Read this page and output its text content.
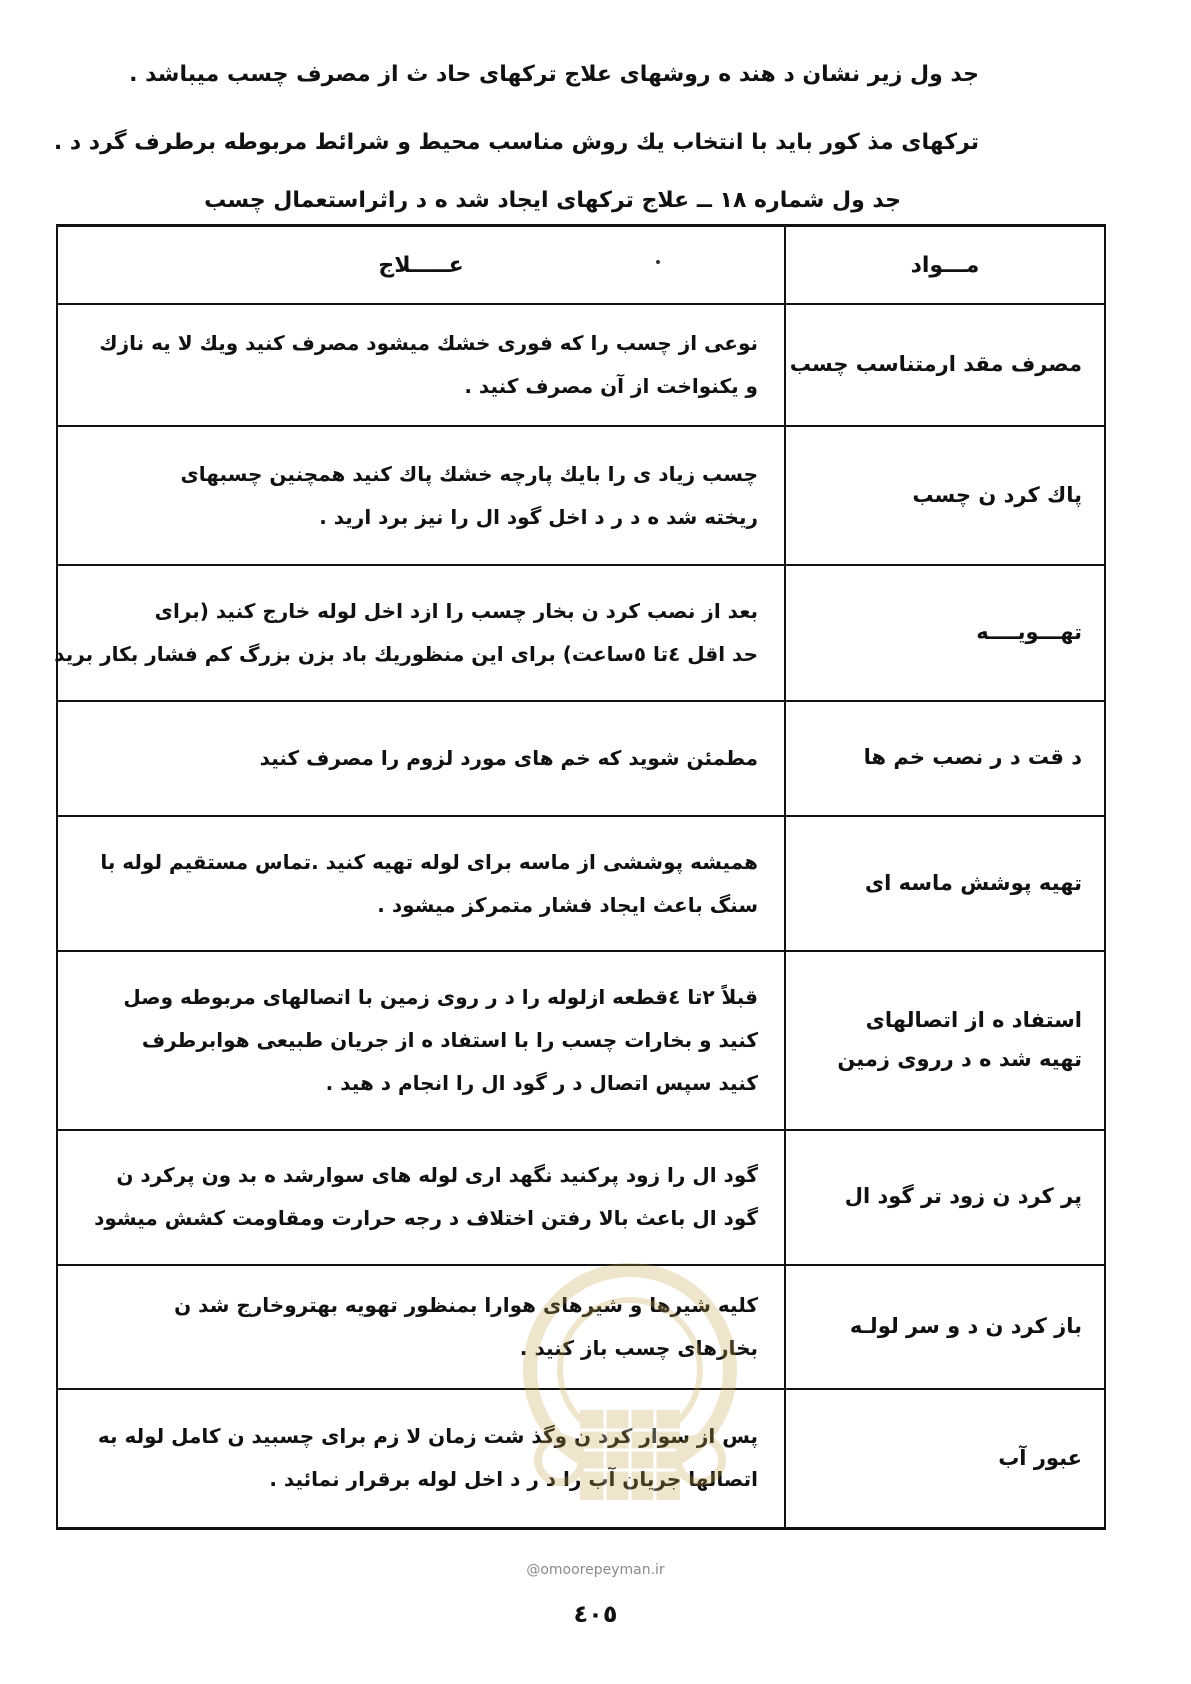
جد ول زیر نشان د هند ه روشهای علاج ترکهای حاد ث از مصرف چسب میباشد .
ترکهای مذ کور باید با انتخاب یك روش مناسب محیط و شرائط مربوطه برطرف گرد د .
جد ول شماره ۱۸ ــ علاج ترکهای ایجاد شد ه د راثراستعمال چسب
مـــواد	عـــــلاج

مصرف مقد ارمتناسب چسب	نوعی از چسب را که فوری خشك میشود مصرف کنید ویك لا یه نازك
و یکنواخت از آن مصرف کنید .

پاك کرد ن چسب	چسب زیاد ی را بایك پارچه خشك پاك کنید همچنین چسبهای
ریخته شد ه د ر د اخل گود ال را نیز برد ارید .

تهـــویــــه	بعد از نصب کرد ن بخار چسب را ازد اخل لوله خارج کنید (برای
حد اقل ٤تا ٥ساعت) برای این منظوریك باد بزن بزرگ کم فشار بکار برید

د قت د ر نصب خم ها	مطمئن شوید که خم های مورد لزوم را مصرف کنید

تهیه پوشش ماسه ای	همیشه پوششی از ماسه برای لوله تهیه کنید .تماس مستقیم لوله با
سنگ باعث ایجاد فشار متمرکز میشود .

استفاد ه از اتصالهای
تهیه شد ه د رروی زمین	قبلاً ۲تا ٤قطعه ازلوله را د ر روی زمین با اتصالهای مربوطه وصل
کنید و بخارات چسب را با استفاد ه از جریان طبیعی هوابرطرف
کنید سپس اتصال د ر گود ال را انجام د هید .

پر کرد ن زود تر گود ال	گود ال را زود پرکنید نگهد اری لوله های سوارشد ه بد ون پرکرد ن
گود ال باعث بالا رفتن اختلاف د رجه حرارت ومقاومت کشش میشود

باز کرد ن د و سر لولـه	کلیه شیرها و شیرهای هوارا بمنظور تهویه بهتروخارج شد ن
بخارهای چسب باز کنید .

عبور آب	پس از سوار کرد ن وگذ شت زمان لا زم برای چسبید ن کامل لوله به
اتصالها جریان آب را د ر د اخل لوله برقرار نمائید .
@omoorepeyman.ir
٤٠٥
